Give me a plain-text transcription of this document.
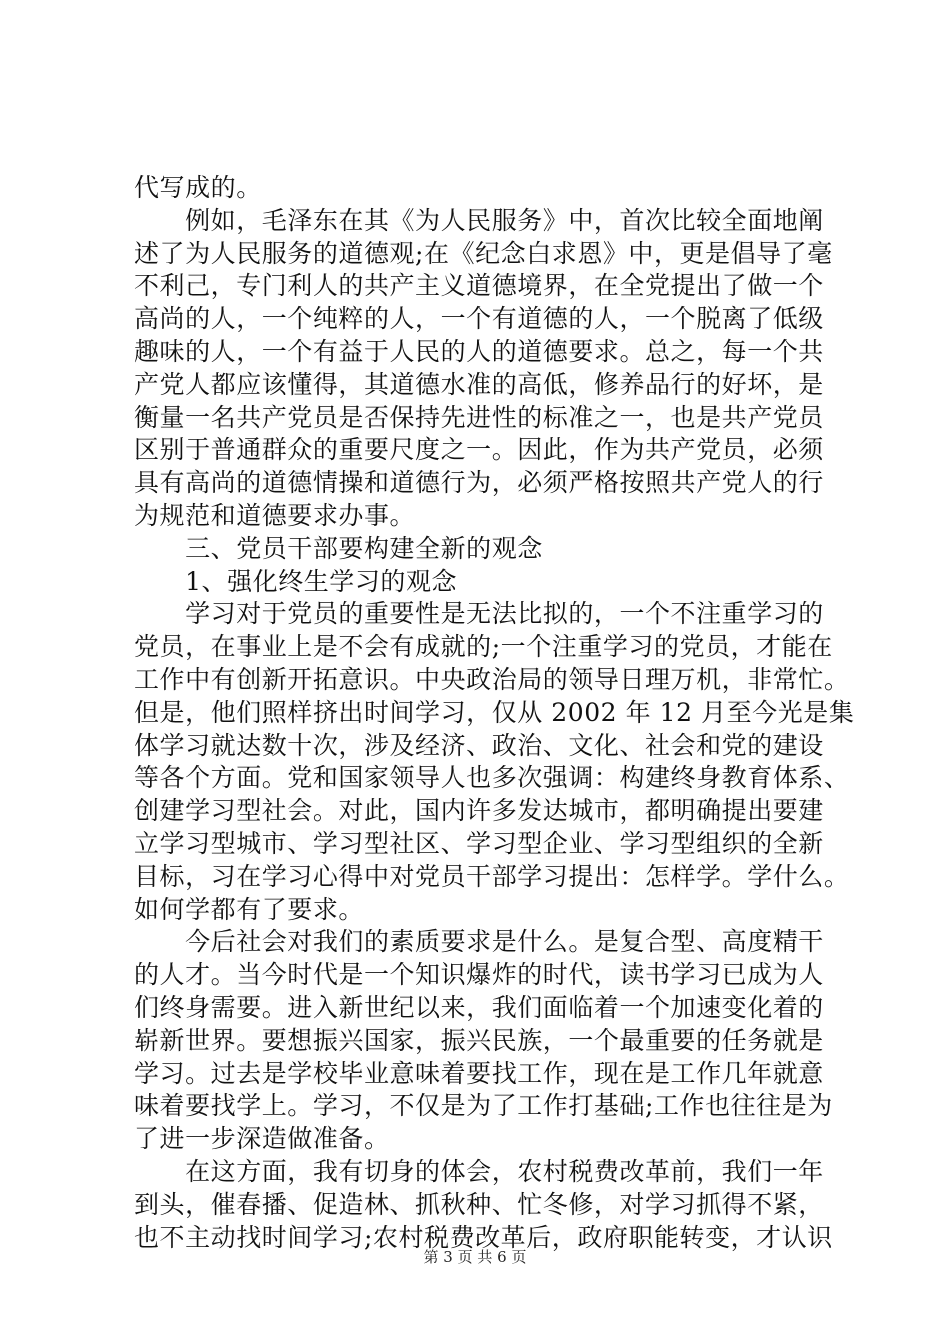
代写成的。
　　例如，毛泽东在其《为人民服务》中，首次比较全面地阐
述了为人民服务的道德观;在《纪念白求恩》中，更是倡导了毫
不利己，专门利人的共产主义道德境界，在全党提出了做一个
高尚的人，一个纯粹的人，一个有道德的人，一个脱离了低级
趣味的人，一个有益于人民的人的道德要求。总之，每一个共
产党人都应该懂得，其道德水准的高低，修养品行的好坏，是
衡量一名共产党员是否保持先进性的标准之一，也是共产党员
区别于普通群众的重要尺度之一。因此，作为共产党员，必须
具有高尚的道德情操和道德行为，必须严格按照共产党人的行
为规范和道德要求办事。
　　三、党员干部要构建全新的观念
　　1、强化终生学习的观念
　　学习对于党员的重要性是无法比拟的，一个不注重学习的
党员，在事业上是不会有成就的;一个注重学习的党员，才能在
工作中有创新开拓意识。中央政治局的领导日理万机，非常忙。
但是，他们照样挤出时间学习，仅从 2002 年 12 月至今光是集
体学习就达数十次，涉及经济、政治、文化、社会和党的建设
等各个方面。党和国家领导人也多次强调：构建终身教育体系、
创建学习型社会。对此，国内许多发达城市，都明确提出要建
立学习型城市、学习型社区、学习型企业、学习型组织的全新
目标，习在学习心得中对党员干部学习提出：怎样学。学什么。
如何学都有了要求。
　　今后社会对我们的素质要求是什么。是复合型、高度精干
的人才。当今时代是一个知识爆炸的时代，读书学习已成为人
们终身需要。进入新世纪以来，我们面临着一个加速变化着的
崭新世界。要想振兴国家，振兴民族，一个最重要的任务就是
学习。过去是学校毕业意味着要找工作，现在是工作几年就意
味着要找学上。学习，不仅是为了工作打基础;工作也往往是为
了进一步深造做准备。
　　在这方面，我有切身的体会，农村税费改革前，我们一年
到头，催春播、促造林、抓秋种、忙冬修，对学习抓得不紧，
也不主动找时间学习;农村税费改革后，政府职能转变，才认识
第 3 页 共 6 页
